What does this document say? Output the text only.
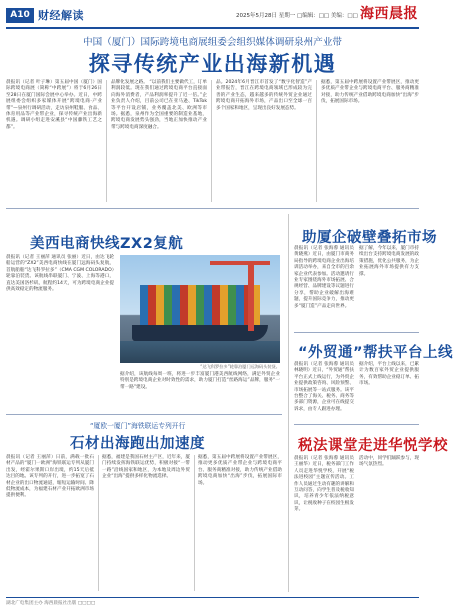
A10 财经解读	2025年5月28日 星期一 □编辑：□□ 美编：□□ 海西晨报
中国（厦门）国际跨境电商展组委会组织媒体调研泉州产业带
探寻传统产业出海新机遇
晨报讯（记者 叶子琳）第五届中国（厦门）国际跨境电商展（简称“中跨展”）将于6月26日至28日在厦门国际会展中心举办。近日，中跨展组委会组织多家媒体开展“跨境电商·产业带”—泉州行调研活动，走访泉州鞋服、食品、体育用品等产业带企业，探寻传统产业出海新机遇。调研小组走进安溪县“中国藤铁工艺之都”。
品牌化发展之路。 “以前我们主要做代工，订单利润较低。现在我们通过跨境电商平台直接面向海外消费者，产品利润率提升了近一倍。”企业负责人介绍，目前公司已在亚马逊、TikTok等平台开设店铺，业务覆盖北美、欧洲等市场。据悉，泉州作为全国重要的制造业基地，跨境电商发展势头强劲，当地正加快推动产业带与跨境电商深度融合。
品。2024年6月晋江市首发了“数字化智造”产业带报告，晋江在跨境电商领域已形成较为完善的产业生态，越来越多的传统外贸企业通过跨境电商开拓海外市场，产品出口至全球一百多个国家和地区，呈现出良好发展态势。
据悉，第五届中跨展将设置产业带展区，推动更多优质产业带企业与跨境电商平台、服务商精准对接，助力传统产业借助跨境电商加快“出海”步伐，拓展国际市场。
美西电商快线ZX2复航
晨报讯（记者 王丽萍 通讯员 张丽）近日，由达飞轮船运营的“ZX2”美西电商快线在厦门远海码头复航，首航船舶“达飞科罗拉多”（CMA CGM COLORADO）轮靠泊装货。该航线串联厦门、宁波、上海等港口，直达美国洛杉矶，航程约14天，可为跨境电商企业提供高效稳定的物流服务。
据介绍，该航线每周一班，将进一步丰富厦门港美西航线网络，满足外贸企业特别是跨境电商企业对时效性的需求，助力厦门打造“丝路海运”品牌，服务“一带一路”建设。
“达飞科罗拉多”轮靠泊厦门远海码头装货。
助厦企破壁叠拓市场
晨报讯（记者 张海蓉 通讯员 黄晓燕）近日，由厦门市商务局指导的跨境电商企业出海培训活动举办，来自全市的百余家企业代表参加。活动邀请行业专家围绕海外市场拓展、合规经营、品牌建设等议题进行分享，帮助企业破解出海难题，提升国际竞争力，推动更多“厦门造”产品走向世界。
据了解，今年以来，厦门市持续出台支持跨境电商发展的政策措施，优化公共服务，为企业拓展海外市场提供有力支撑。
“外贸通”帮扶平台上线
晨报讯（记者 张海蓉 通讯员 林晓明）近日，“外贸通”帮扶平台正式上线运行，为外贸企业提供政策咨询、风险预警、市场拓展等一站式服务。该平台整合了海关、税务、商务等多部门资源，企业可在线提交诉求，由专人跟进办理。
据介绍，平台上线以来，已累计为数百家外贸企业提供服务，有效帮助企业稳订单、拓市场。
税法课堂走进华悦学校
晨报讯（记者 张海蓉 通讯员 王丽华）近日，税务部门工作人员走进华悦学校，开展“税法进校园”主题宣传活动。工作人员通过生动有趣的讲解和互动问答，向学生普及税收知识，培养青少年依法纳税意识，让税收种子在校园生根发芽。
活动中，同学们踊跃参与，现场气氛热烈。
“厦欧一厦门”海铁联运专列开行
石材出海跑出加速度
晨报讯（记者 王丽萍）日前，满载一批石材产品的“厦门一欧洲”海铁联运专列从厦门出发，经霍尔果斯口岸出境，约15天后抵达目的地。该专列的开行，进一步拓宽了石材企业的出口物流通道，缩短运输时间、降低物流成本，为福建石材产业开拓欧洲市场提供便利。
据悉，福建是我国石材主产区，近年来，厦门持续发挥海铁联运优势，积极对接“一带一路”沿线国家和地区，为本地及周边外贸企业“出海”提供多样化物流选择。
据悉，第五届中跨展将设置产业带展区，推动更多优质产业带企业与跨境电商平台、服务商精准对接，助力传统产业借助跨境电商加快“出海”步伐，拓展国际市场。
湖北广电集团主办 海西晨报社出版 □□□□
